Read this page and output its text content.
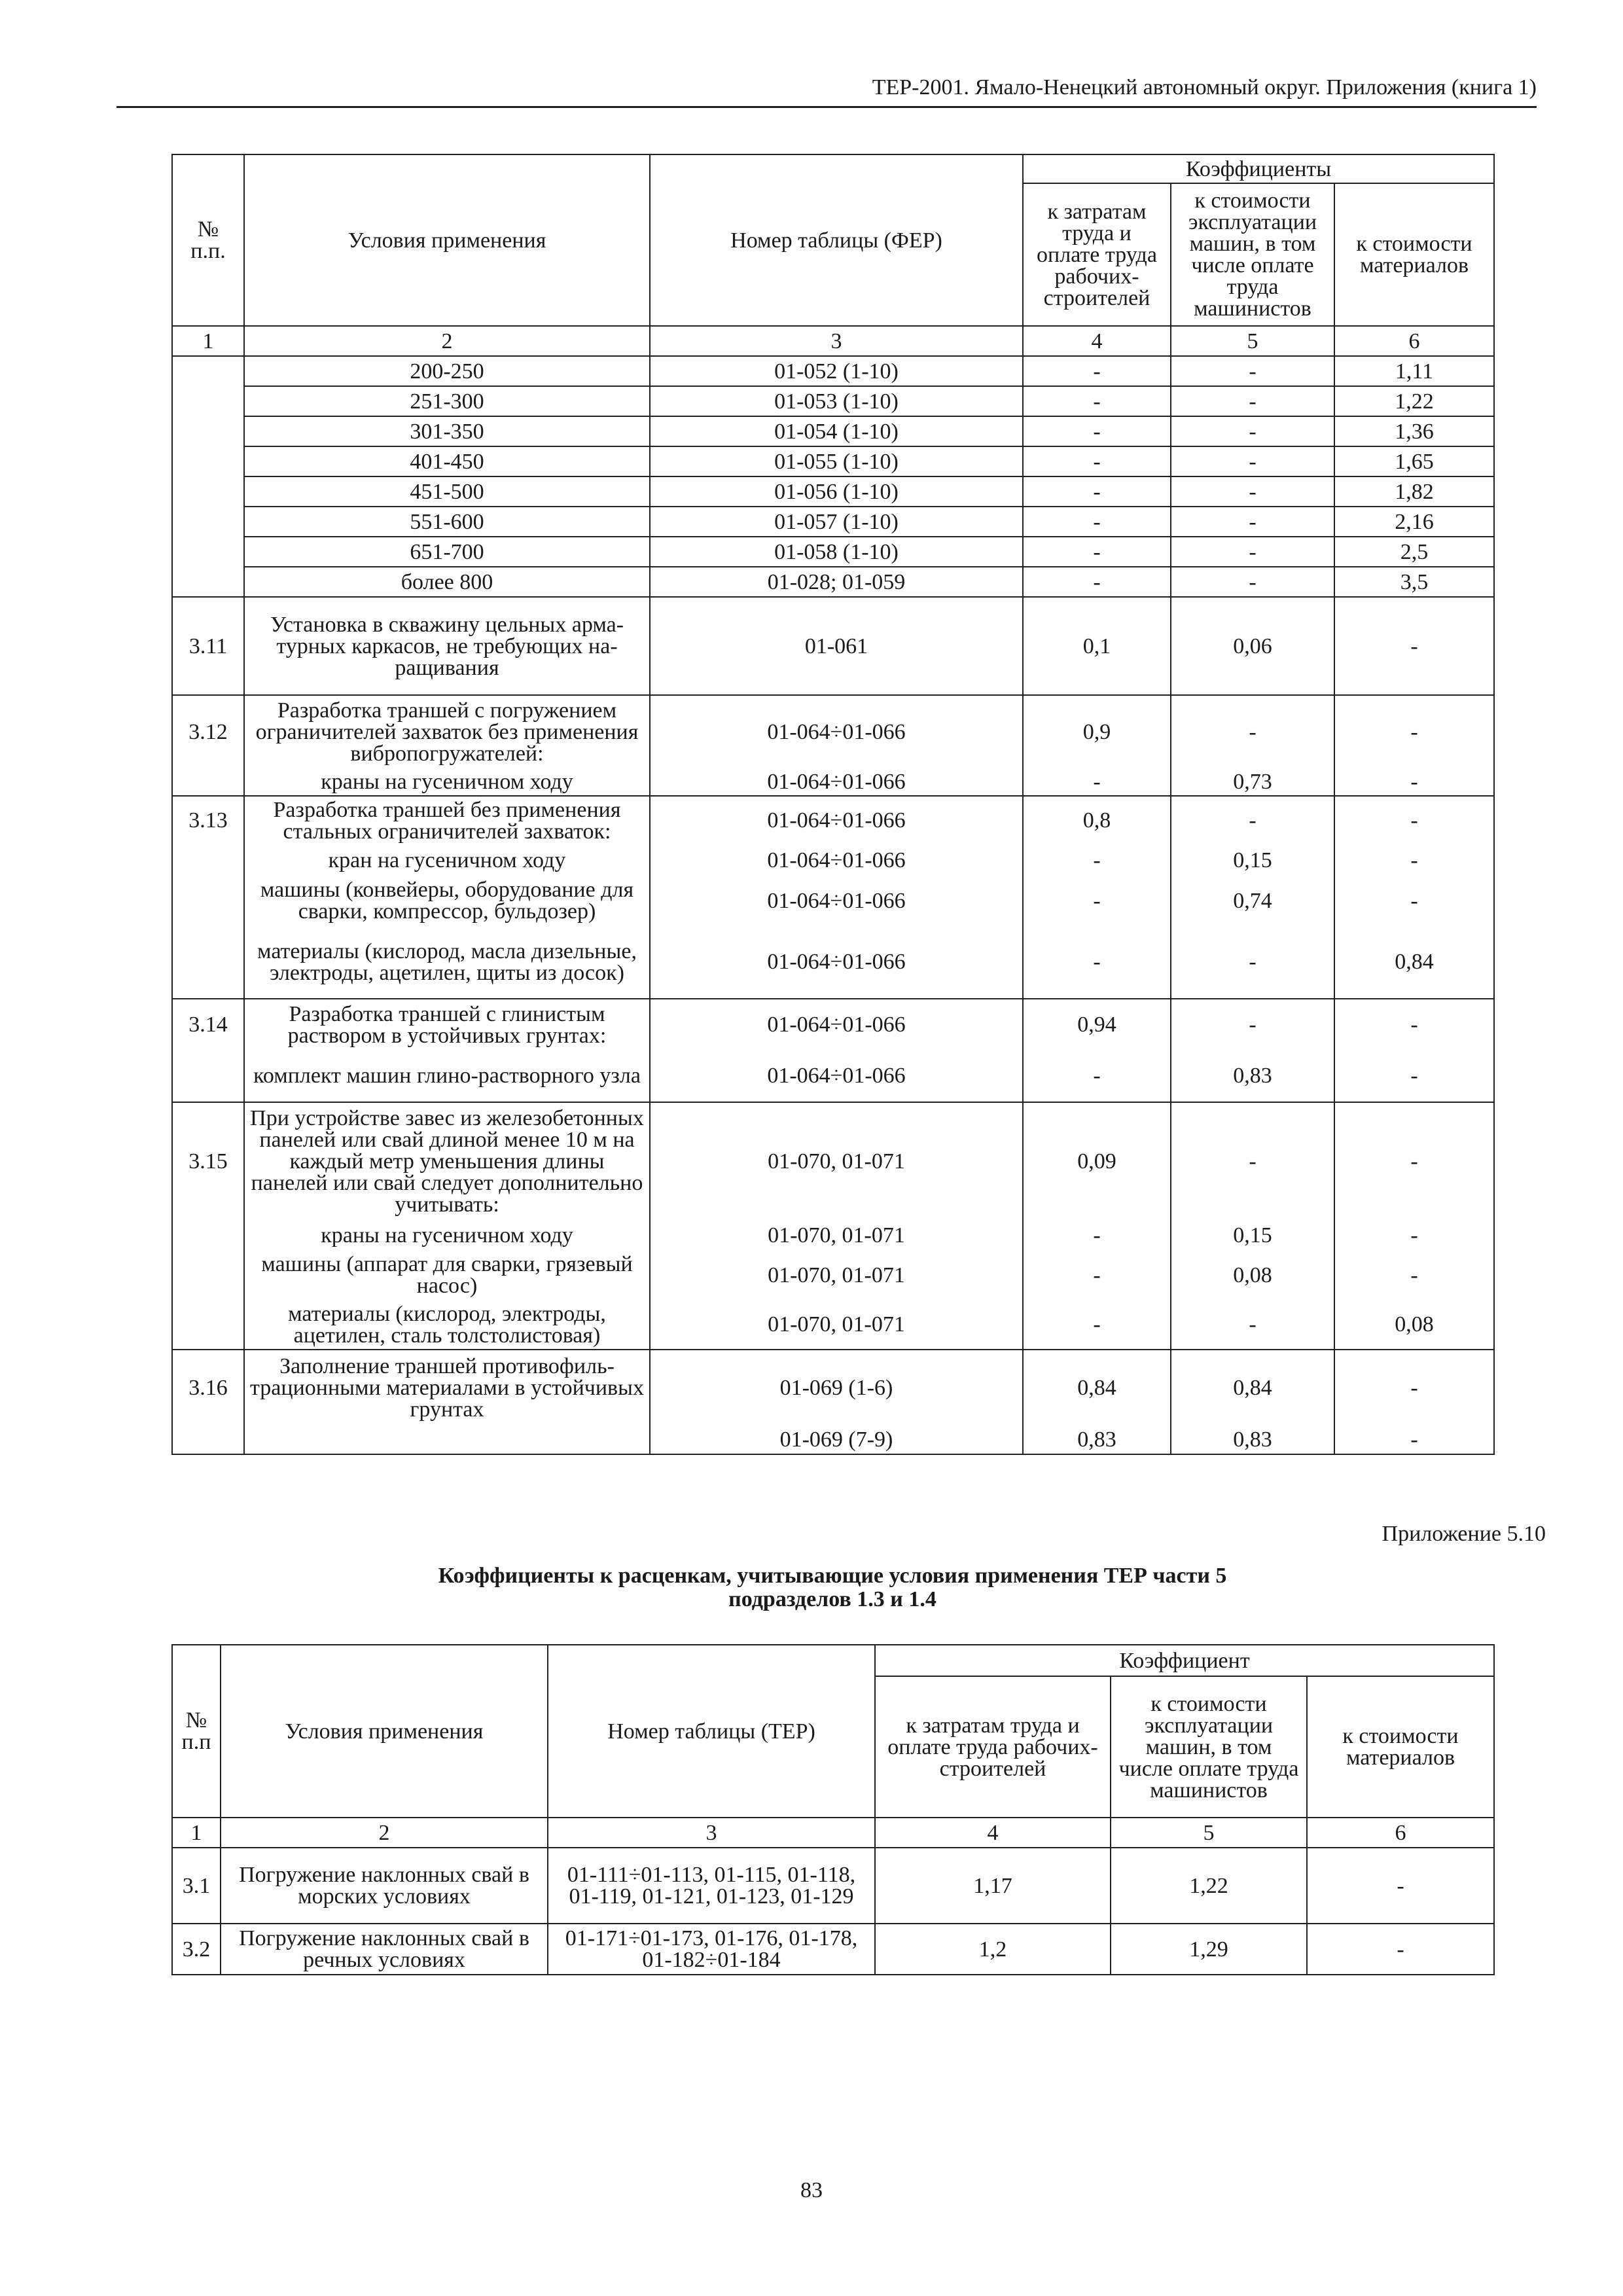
ТЕР-2001. Ямало-Ненецкий автономный округ. Приложения (книга 1)
№ п.п.	Условия применения	Номер таблицы (ФЕР)	Коэффициенты		
			к затратам труда и оплате труда рабочих-строителей	к стоимости эксплуатации машин, в том числе оплате труда машинистов	к стоимости материалов
1	2	3	4	5	6
	200-250	01-052 (1-10)	-	-	1,11
	251-300	01-053 (1-10)	-	-	1,22
	301-350	01-054 (1-10)	-	-	1,36
	401-450	01-055 (1-10)	-	-	1,65
	451-500	01-056 (1-10)	-	-	1,82
	551-600	01-057 (1-10)	-	-	2,16
	651-700	01-058 (1-10)	-	-	2,5
	более 800	01-028; 01-059	-	-	3,5
3.11	Установка в скважину цельных арматурных каркасов, не требующих наращивания	01-061	0,1	0,06	-
3.12	Разработка траншей с погружением ограничителей захваток без применения вибропогружателей:	01-064÷01-066	0,9	-	-
	краны на гусеничном ходу	01-064÷01-066	-	0,73	-
3.13	Разработка траншей без применения стальных ограничителей захваток:	01-064÷01-066	0,8	-	-
	кран на гусеничном ходу	01-064÷01-066	-	0,15	-
	машины (конвейеры, оборудование для сварки, компрессор, бульдозер)	01-064÷01-066	-	0,74	-
	материалы (кислород, масла дизельные, электроды, ацетилен, щиты из досок)	01-064÷01-066	-	-	0,84
3.14	Разработка траншей с глинистым раствором в устойчивых грунтах:	01-064÷01-066	0,94	-	-
	комплект машин глино-растворного узла	01-064÷01-066	-	0,83	-
3.15	При устройстве завес из железобетонных панелей или свай длиной менее 10 м на каждый метр уменьшения длины панелей или свай следует дополнительно учитывать:	01-070, 01-071	0,09	-	-
	краны на гусеничном ходу	01-070, 01-071	-	0,15	-
	машины (аппарат для сварки, грязевый насос)	01-070, 01-071	-	0,08	-
	материалы (кислород, электроды, ацетилен, сталь толстолистовая)	01-070, 01-071	-	-	0,08
3.16	Заполнение траншей противофильтрационными материалами в устойчивых грунтах	01-069 (1-6)	0,84	0,84	-
		01-069 (7-9)	0,83	0,83	-
Приложение 5.10
Коэффициенты к расценкам, учитывающие условия применения ТЕР части 5
подразделов 1.3 и 1.4
№ п.п	Условия применения	Номер таблицы (ТЕР)	Коэффициент		
			к затратам труда и оплате труда рабочих-строителей	к стоимости эксплуатации машин, в том числе оплате труда машинистов	к стоимости материалов
1	2	3	4	5	6
3.1	Погружение наклонных свай в морских условиях	01-111÷01-113, 01-115, 01-118, 01-119, 01-121, 01-123, 01-129	1,17	1,22	-
3.2	Погружение наклонных свай в речных условиях	01-171÷01-173, 01-176, 01-178, 01-182÷01-184	1,2	1,29	-
83
